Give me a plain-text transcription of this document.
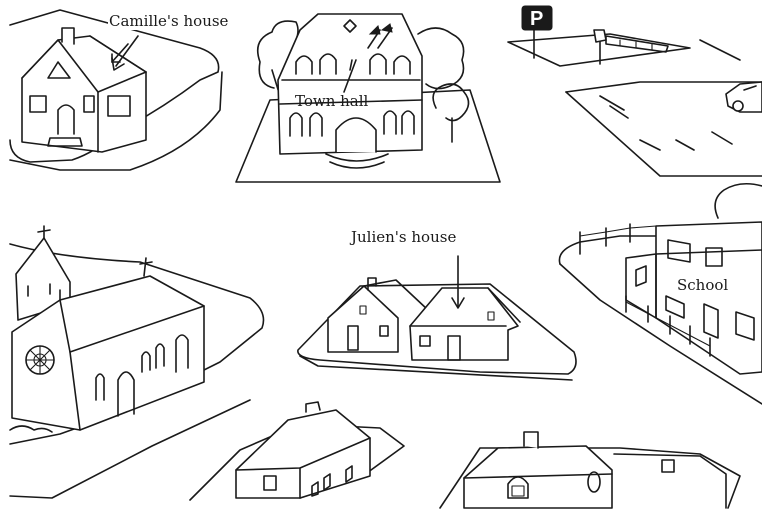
P
Camille's house
Town hall
Julien's house
School
